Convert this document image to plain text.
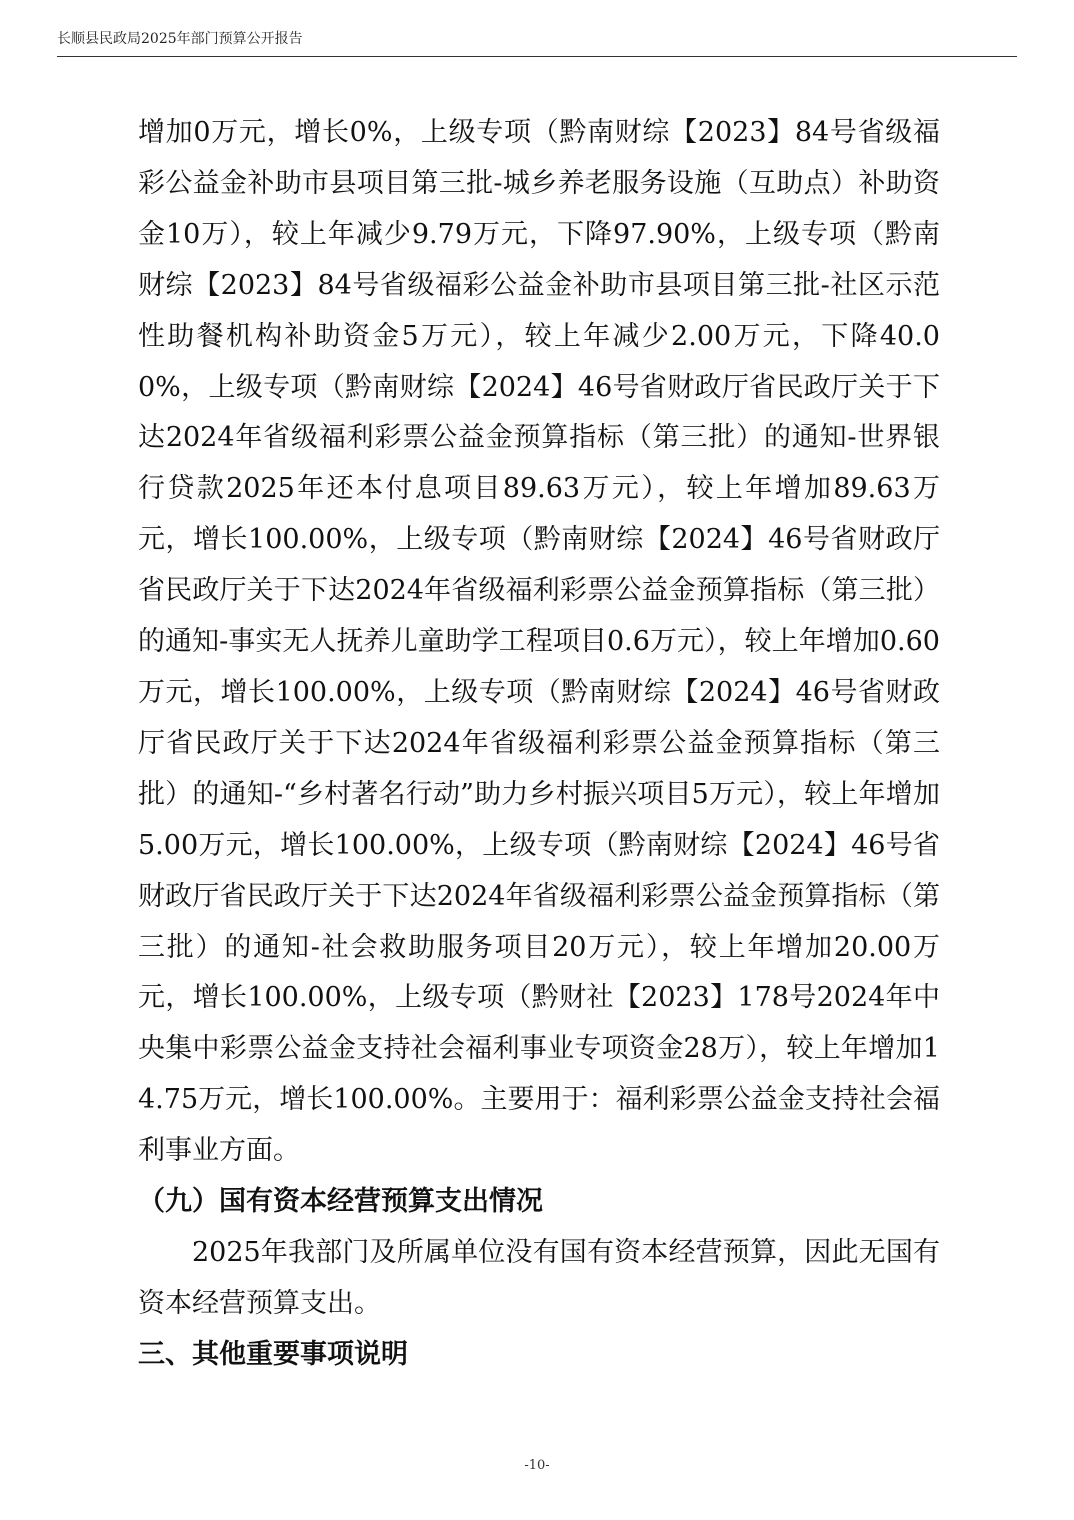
长顺县民政局2025年部门预算公开报告

增加0万元，增长0%，上级专项（黔南财综【2023】84号省级福彩公益金补助市县项目第三批-城乡养老服务设施（互助点）补助资金10万），较上年减少9.79万元，下降97.90%，上级专项（黔南财综【2023】84号省级福彩公益金补助市县项目第三批-社区示范性助餐机构补助资金5万元），较上年减少2.00万元，下降40.00%，上级专项（黔南财综【2024】46号省财政厅省民政厅关于下达2024年省级福利彩票公益金预算指标（第三批）的通知-世界银行贷款2025年还本付息项目89.63万元），较上年增加89.63万元，增长100.00%，上级专项（黔南财综【2024】46号省财政厅省民政厅关于下达2024年省级福利彩票公益金预算指标（第三批）的通知-事实无人抚养儿童助学工程项目0.6万元），较上年增加0.60万元，增长100.00%，上级专项（黔南财综【2024】46号省财政厅省民政厅关于下达2024年省级福利彩票公益金预算指标（第三批）的通知-“乡村著名行动”助力乡村振兴项目5万元），较上年增加5.00万元，增长100.00%，上级专项（黔南财综【2024】46号省财政厅省民政厅关于下达2024年省级福利彩票公益金预算指标（第三批）的通知-社会救助服务项目20万元），较上年增加20.00万元，增长100.00%，上级专项（黔财社【2023】178号2024年中央集中彩票公益金支持社会福利事业专项资金28万），较上年增加14.75万元，增长100.00%。主要用于：福利彩票公益金支持社会福利事业方面。

（九）国有资本经营预算支出情况

2025年我部门及所属单位没有国有资本经营预算，因此无国有资本经营预算支出。

三、其他重要事项说明
-10-
